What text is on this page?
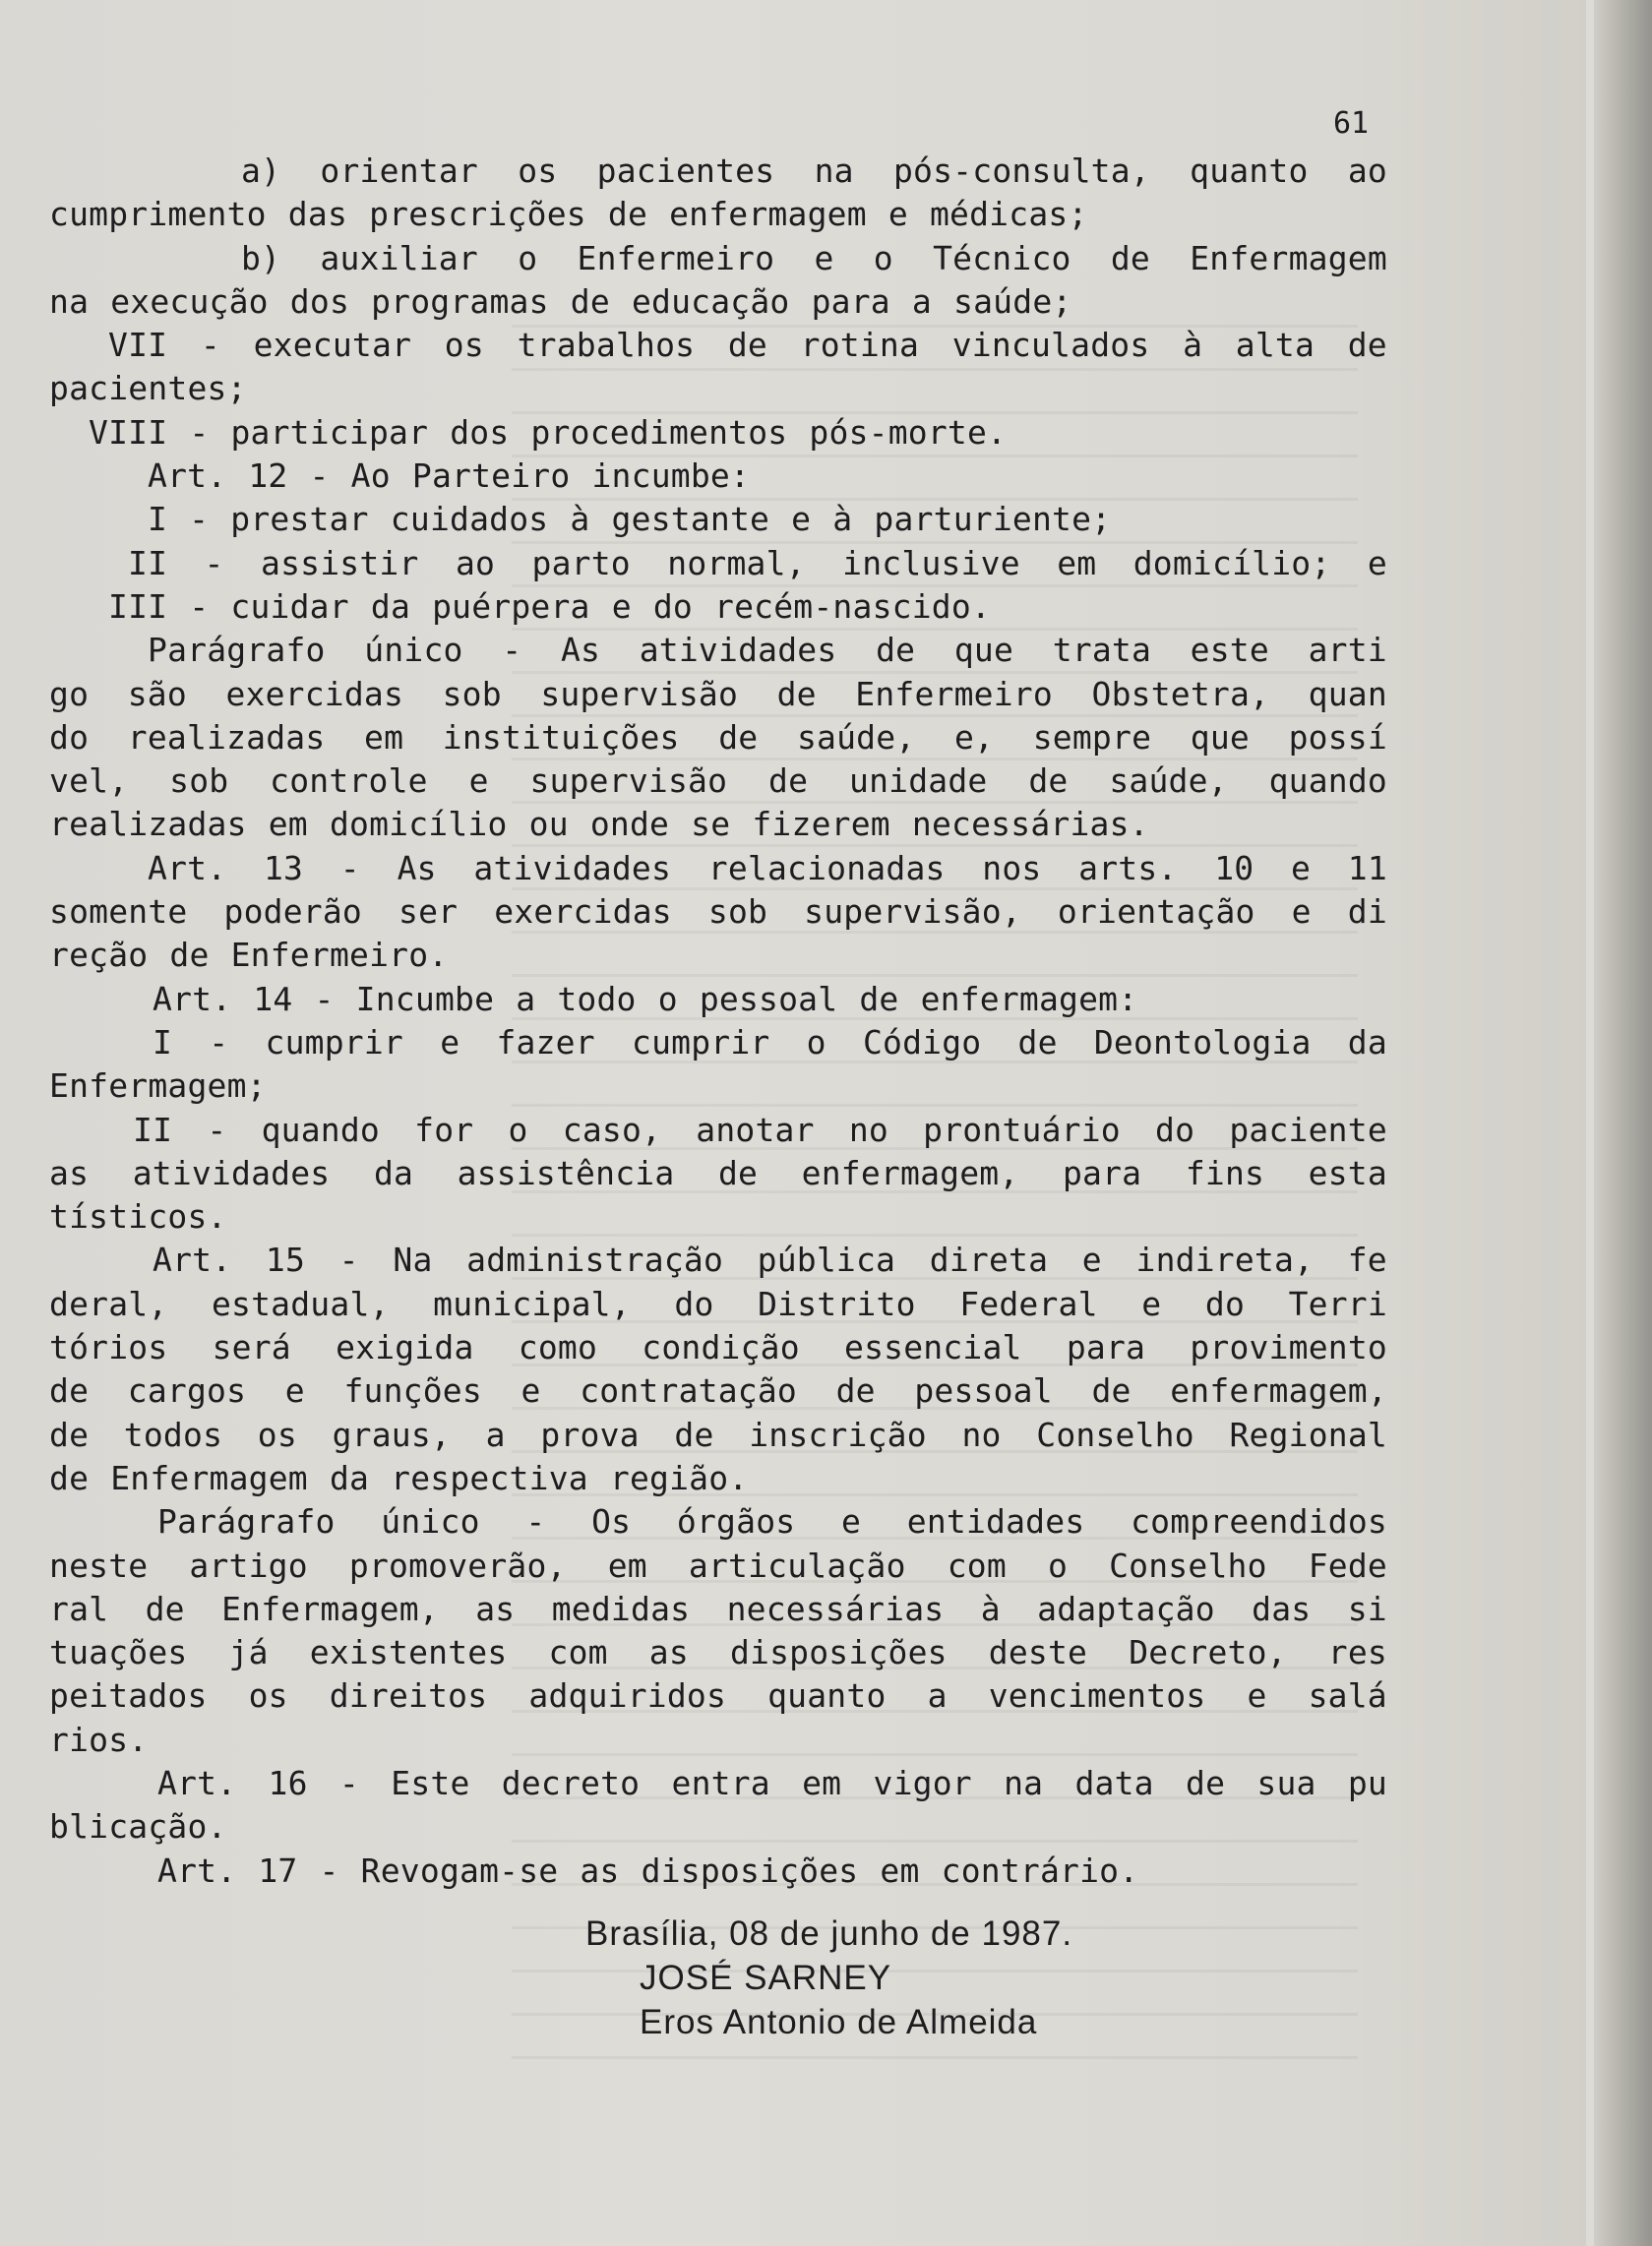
61
a) orientar os pacientes na pós-consulta, quanto ao
cumprimento das prescrições de enfermagem e médicas;
b) auxiliar o Enfermeiro e o Técnico de Enfermagem
na execução dos programas de educação para a saúde;
VII - executar os trabalhos de rotina vinculados à alta de
pacientes;
VIII - participar dos procedimentos pós-morte.
Art. 12 - Ao Parteiro incumbe:
I - prestar cuidados à gestante e à parturiente;
II - assistir ao parto normal, inclusive em domicílio; e
III - cuidar da puérpera e do recém-nascido.
Parágrafo único - As atividades de que trata este arti
go são exercidas sob supervisão de Enfermeiro Obstetra, quan
do realizadas em instituições de saúde, e, sempre que possí
vel, sob controle e supervisão de unidade de saúde, quando
realizadas em domicílio ou onde se fizerem necessárias.
Art. 13 - As atividades relacionadas nos arts. 10 e 11
somente poderão ser exercidas sob supervisão, orientação e di
reção de Enfermeiro.
Art. 14 - Incumbe a todo o pessoal de enfermagem:
I - cumprir e fazer cumprir o Código de Deontologia da
Enfermagem;
II - quando for o caso, anotar no prontuário do paciente
as atividades da assistência de enfermagem, para fins esta
tísticos.
Art. 15 - Na administração pública direta e indireta, fe
deral, estadual, municipal, do Distrito Federal e do Terri
tórios será exigida como condição essencial para provimento
de cargos e funções e contratação de pessoal de enfermagem,
de todos os graus, a prova de inscrição no Conselho Regional
de Enfermagem da respectiva região.
Parágrafo único - Os órgãos e entidades compreendidos
neste artigo promoverão, em articulação com o Conselho Fede
ral de Enfermagem, as medidas necessárias à adaptação das si
tuações já existentes com as disposições deste Decreto, res
peitados os direitos adquiridos quanto a vencimentos e salá
rios.
Art. 16 - Este decreto entra em vigor na data de sua pu
blicação.
Art. 17 - Revogam-se as disposições em contrário.
Brasília, 08 de junho de 1987.
JOSÉ SARNEY
Eros Antonio de Almeida
